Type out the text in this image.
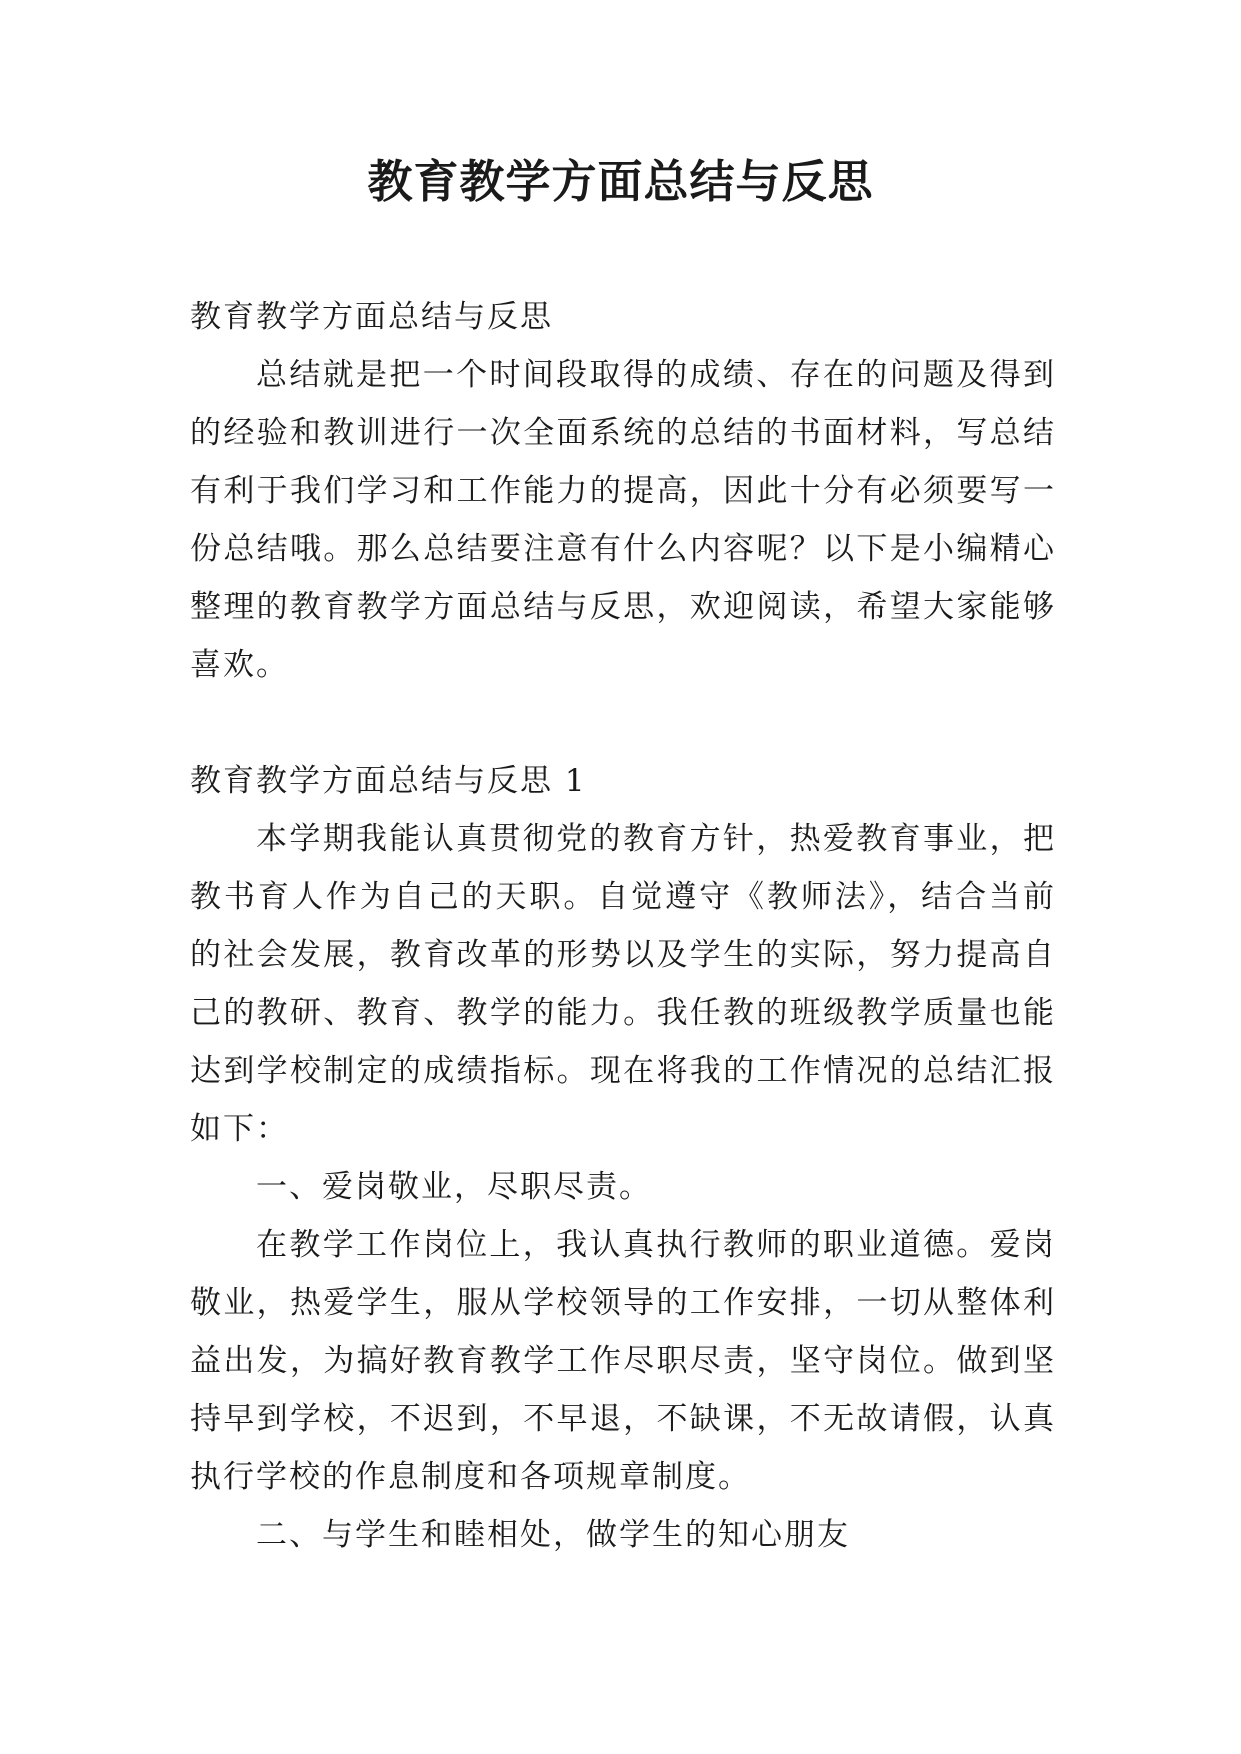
教育教学方面总结与反思

教育教学方面总结与反思

总结就是把一个时间段取得的成绩、存在的问题及得到的经验和教训进行一次全面系统的总结的书面材料，写总结有利于我们学习和工作能力的提高，因此十分有必须要写一份总结哦。那么总结要注意有什么内容呢？以下是小编精心整理的教育教学方面总结与反思，欢迎阅读，希望大家能够喜欢。

教育教学方面总结与反思 1

本学期我能认真贯彻党的教育方针，热爱教育事业，把教书育人作为自己的天职。自觉遵守《教师法》，结合当前的社会发展，教育改革的形势以及学生的实际，努力提高自己的教研、教育、教学的能力。我任教的班级教学质量也能达到学校制定的成绩指标。现在将我的工作情况的总结汇报如下：

一、爱岗敬业，尽职尽责。

在教学工作岗位上，我认真执行教师的职业道德。爱岗敬业，热爱学生，服从学校领导的工作安排，一切从整体利益出发，为搞好教育教学工作尽职尽责，坚守岗位。做到坚持早到学校，不迟到，不早退，不缺课，不无故请假，认真执行学校的作息制度和各项规章制度。

二、与学生和睦相处，做学生的知心朋友
